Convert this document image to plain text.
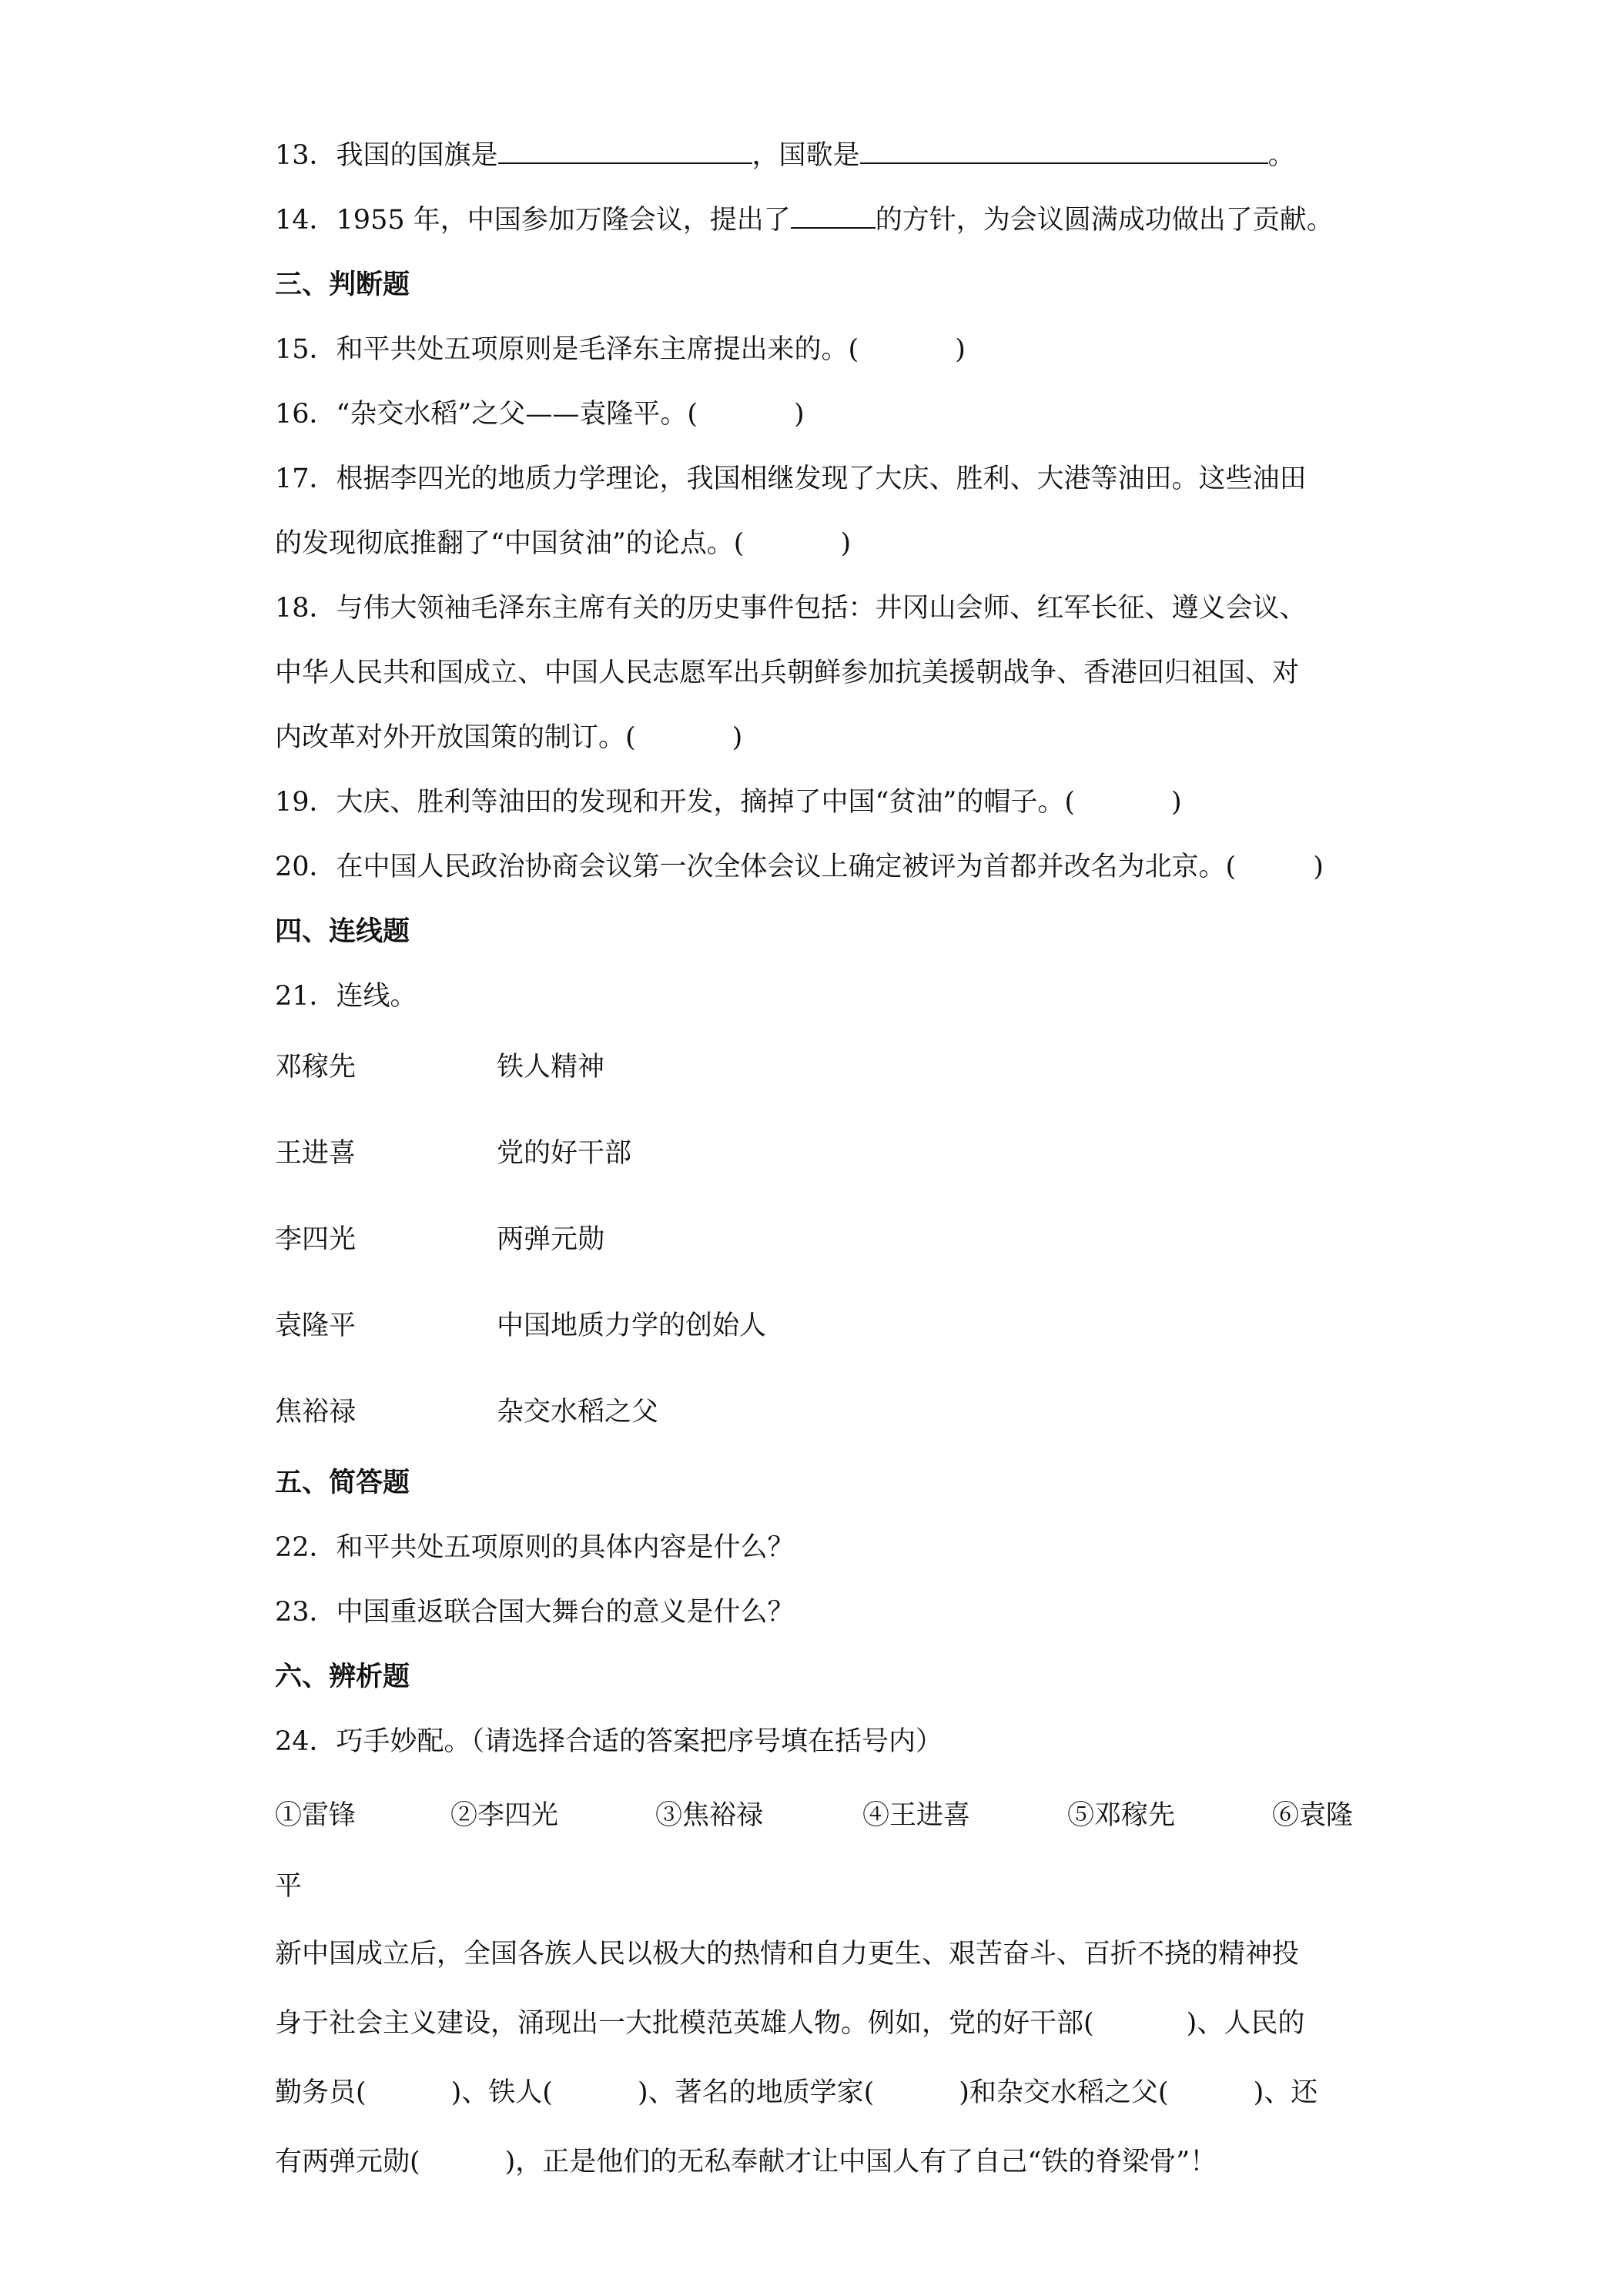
13．我国的国旗是	，国歌是	。
14．1955 年，中国参加万隆会议，提出了	的方针，为会议圆满成功做出了贡献。
三、判断题
15．和平共处五项原则是毛泽东主席提出来的。(	)
16．“杂交水稻”之父——袁隆平。(	)
17．根据李四光的地质力学理论，我国相继发现了大庆、胜利、大港等油田。这些油田
的发现彻底推翻了“中国贫油”的论点。(	)
18．与伟大领袖毛泽东主席有关的历史事件包括：井冈山会师、红军长征、遵义会议、
中华人民共和国成立、中国人民志愿军出兵朝鲜参加抗美援朝战争、香港回归祖国、对
内改革对外开放国策的制订。(	)
19．大庆、胜利等油田的发现和开发，摘掉了中国“贫油”的帽子。(	)
20．在中国人民政治协商会议第一次全体会议上确定被评为首都并改名为北京。(	)
四、连线题
21．连线。
邓稼先	铁人精神
王进喜	党的好干部
李四光	两弹元勋
袁隆平	中国地质力学的创始人
焦裕禄	杂交水稻之父
五、简答题
22．和平共处五项原则的具体内容是什么？
23．中国重返联合国大舞台的意义是什么？
六、辨析题
24．巧手妙配。（请选择合适的答案把序号填在括号内）
①雷锋	②李四光	③焦裕禄	④王进喜	⑤邓稼先	⑥袁隆
平
新中国成立后，全国各族人民以极大的热情和自力更生、艰苦奋斗、百折不挠的精神投
身于社会主义建设，涌现出一大批模范英雄人物。例如，党的好干部(	)、人民的
勤务员(	)、铁人(	)、著名的地质学家(	)和杂交水稻之父(	)、还
有两弹元勋(	)，正是他们的无私奉献才让中国人有了自己“铁的脊梁骨”！
